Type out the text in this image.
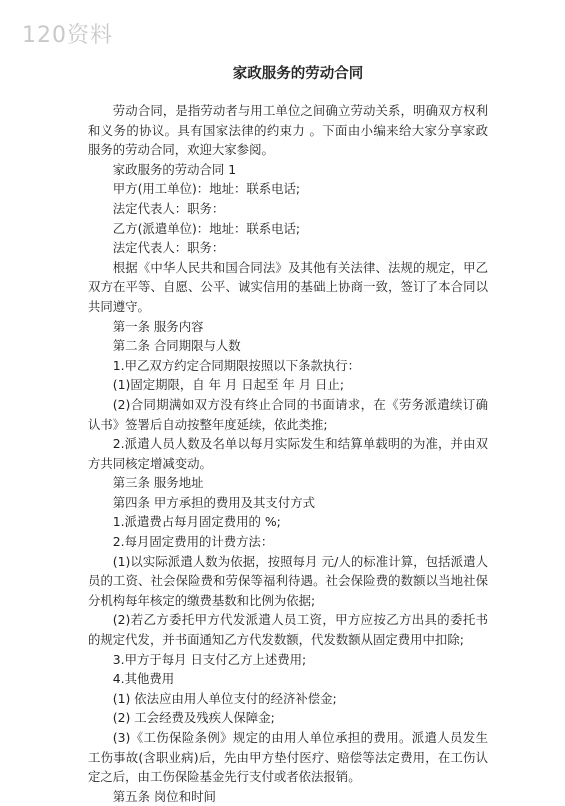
120资料
家政服务的劳动合同

劳动合同，是指劳动者与用工单位之间确立劳动关系，明确双方权利和义务的协议。具有国家法律的约束力 。下面由小编来给大家分享家政服务的劳动合同，欢迎大家参阅。

家政服务的劳动合同 1

甲方(用工单位)：地址：联系电话;

法定代表人：职务：

乙方(派遣单位)：地址：联系电话;

法定代表人：职务：

根据《中华人民共和国合同法》及其他有关法律、法规的规定，甲乙双方在平等、自愿、公平、诚实信用的基础上协商一致，签订了本合同以共同遵守。

第一条 服务内容

第二条 合同期限与人数

1.甲乙双方约定合同期限按照以下条款执行：

(1)固定期限，自 年 月 日起至 年 月 日止;

(2)合同期满如双方没有终止合同的书面请求，在《劳务派遣续订确认书》签署后自动按整年度延续，依此类推;

2.派遣人员人数及名单以每月实际发生和结算单载明的为准，并由双方共同核定增减变动。

第三条 服务地址

第四条 甲方承担的费用及其支付方式

1.派遣费占每月固定费用的 %;

2.每月固定费用的计费方法：

(1)以实际派遣人数为依据，按照每月 元/人的标准计算，包括派遣人员的工资、社会保险费和劳保等福利待遇。社会保险费的数额以当地社保分机构每年核定的缴费基数和比例为依据;

(2)若乙方委托甲方代发派遣人员工资，甲方应按乙方出具的委托书的规定代发，并书面通知乙方代发数额，代发数额从固定费用中扣除;

3.甲方于每月 日支付乙方上述费用;

4.其他费用

(1) 依法应由用人单位支付的经济补偿金;

(2) 工会经费及残疾人保障金;

(3)《工伤保险条例》规定的由用人单位承担的费用。派遣人员发生工伤事故(含职业病)后，先由甲方垫付医疗、赔偿等法定费用，在工伤认定之后，由工伤保险基金先行支付或者依法报销。

第五条 岗位和时间
